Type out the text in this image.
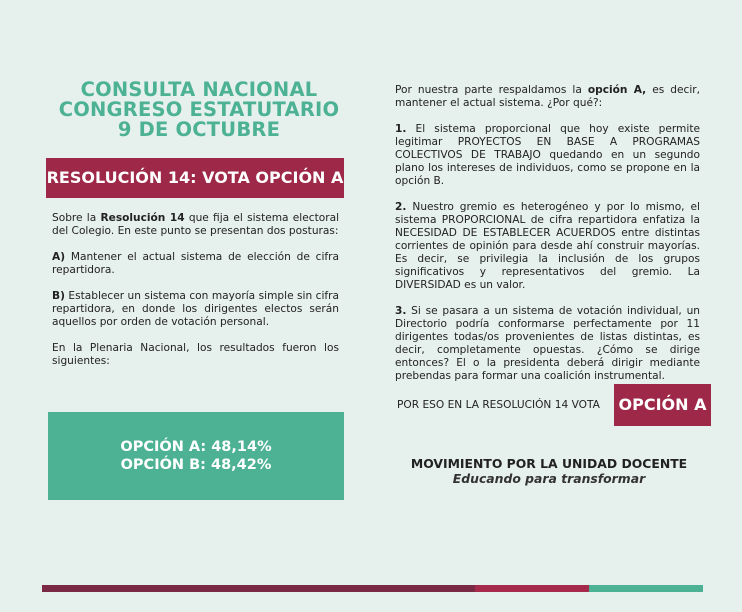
CONSULTA NACIONAL
CONGRESO ESTATUTARIO
9 DE OCTUBRE
RESOLUCIÓN 14: VOTA OPCIÓN A

Sobre la Resolución 14 que fija el sistema electoral del Colegio. En este punto se presentan dos posturas:

A) Mantener el actual sistema de elección de cifra repartidora.

B) Establecer un sistema con mayoría simple sin cifra repartidora, en donde los dirigentes electos serán aquellos por orden de votación personal.

En la Plenaria Nacional, los resultados fueron los siguientes:

OPCIÓN A: 48,14%
OPCIÓN B: 48,42%

Por nuestra parte respaldamos la opción A, es decir, mantener el actual sistema. ¿Por qué?:

1. El sistema proporcional que hoy existe permite legitimar PROYECTOS EN BASE A PROGRAMAS COLECTIVOS DE TRABAJO quedando en un segundo plano los intereses de individuos, como se propone en la opción B.

2. Nuestro gremio es heterogéneo y por lo mismo, el sistema PROPORCIONAL de cifra repartidora enfatiza la NECESIDAD DE ESTABLECER ACUERDOS entre distintas corrientes de opinión para desde ahí construir mayorías. Es decir, se privilegia la inclusión de los grupos significativos y representativos del gremio. La DIVERSIDAD es un valor.

3. Si se pasara a un sistema de votación individual, un Directorio podría conformarse perfectamente por 11 dirigentes todas/os provenientes de listas distintas, es decir, completamente opuestas. ¿Cómo se dirige entonces? El o la presidenta deberá dirigir mediante prebendas para formar una coalición instrumental.

POR ESO EN LA RESOLUCIÓN 14 VOTA OPCIÓN A
MOVIMIENTO POR LA UNIDAD DOCENTE
Educando para transformar
